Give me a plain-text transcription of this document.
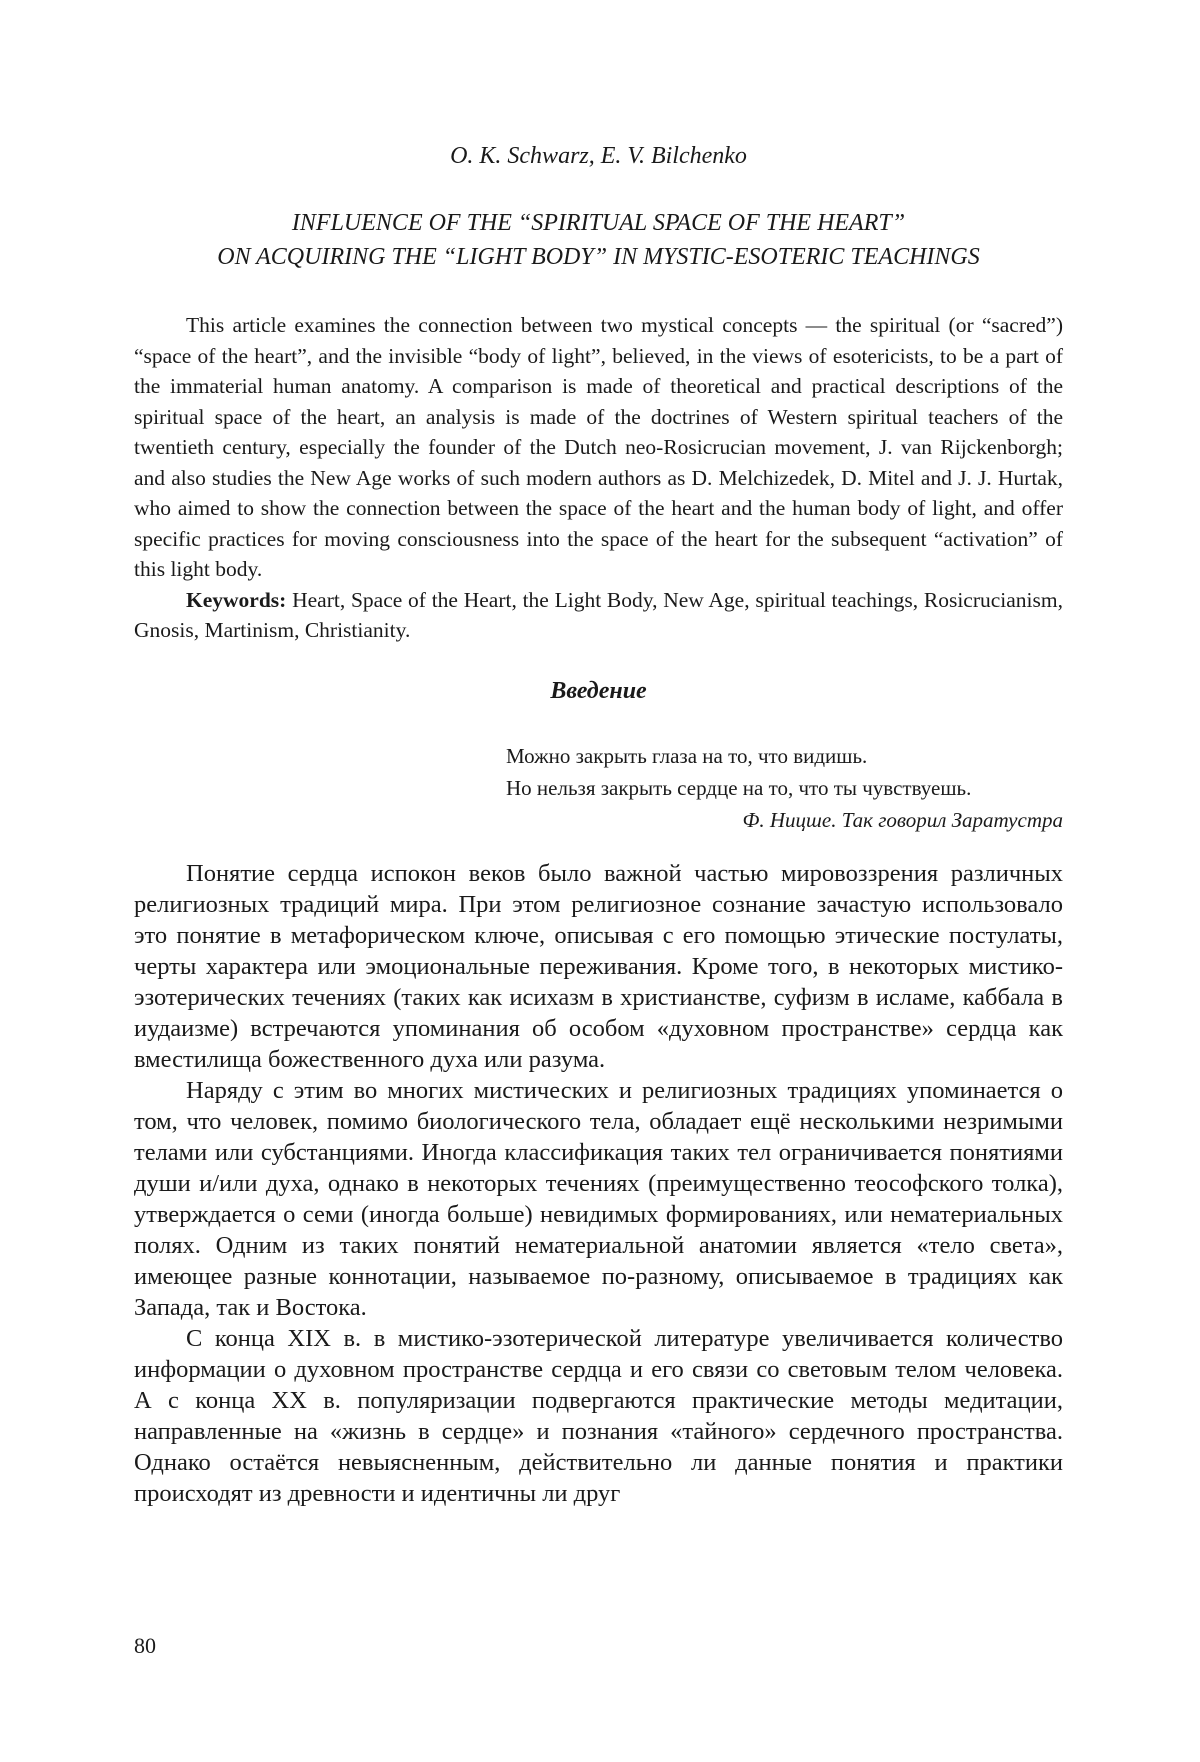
O. K. Schwarz, E. V. Bilchenko
INFLUENCE OF THE “SPIRITUAL SPACE OF THE HEART”
ON ACQUIRING THE “LIGHT BODY” IN MYSTIC-ESOTERIC TEACHINGS

This article examines the connection between two mystical concepts — the spiritual (or “sacred”) “space of the heart”, and the invisible “body of light”, believed, in the views of esotericists, to be a part of the immaterial human anatomy. A comparison is made of theoretical and practical descriptions of the spiritual space of the heart, an analysis is made of the doctrines of Western spiritual teachers of the twentieth century, especially the founder of the Dutch neo-Rosicrucian movement, J. van Rijckenborgh; and also studies the New Age works of such modern authors as D. Melchizedek, D. Mitel and J. J. Hurtak, who aimed to show the connection between the space of the heart and the human body of light, and offer specific practices for moving consciousness into the space of the heart for the subsequent “activation” of this light body.

Keywords: Heart, Space of the Heart, the Light Body, New Age, spiritual teachings, Rosicrucianism, Gnosis, Martinism, Christianity.

Введение
Можно закрыть глаза на то, что видишь.
Но нельзя закрыть сердце на то, что ты чувствуешь.
Ф. Ницше. Так говорил Заратустра

Понятие сердца испокон веков было важной частью мировоззрения различных религиозных традиций мира. При этом религиозное сознание зачастую использовало это понятие в метафорическом ключе, описывая с его помощью этические постулаты, черты характера или эмоциональные переживания. Кроме того, в некоторых мистико-эзотерических течениях (таких как исихазм в христианстве, суфизм в исламе, каббала в иудаизме) встречаются упоминания об особом «духовном пространстве» сердца как вместилища божественного духа или разума.

Наряду с этим во многих мистических и религиозных традициях упоминается о том, что человек, помимо биологического тела, обладает ещё несколькими незримыми телами или субстанциями. Иногда классификация таких тел ограничивается понятиями души и/или духа, однако в некоторых течениях (преимущественно теософского толка), утверждается о семи (иногда больше) невидимых формированиях, или нематериальных полях. Одним из таких понятий нематериальной анатомии является «тело света», имеющее разные коннотации, называемое по-разному, описываемое в традициях как Запада, так и Востока.

С конца XIX в. в мистико-эзотерической литературе увеличивается количество информации о духовном пространстве сердца и его связи со световым телом человека. А с конца XX в. популяризации подвергаются практические методы медитации, направленные на «жизнь в сердце» и познания «тайного» сердечного пространства. Однако остаётся невыясненным, действительно ли данные понятия и практики происходят из древности и идентичны ли друг

80
